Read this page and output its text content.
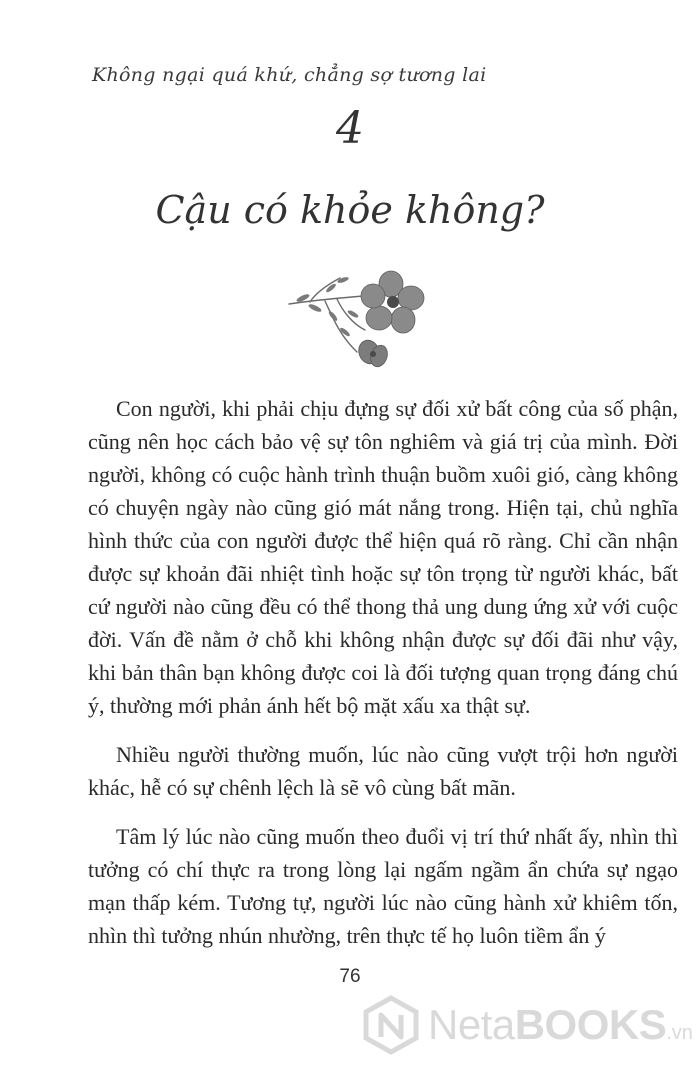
Không ngại quá khứ, chẳng sợ tương lai
4
Cậu có khỏe không?

Con người, khi phải chịu đựng sự đối xử bất công của số phận, cũng nên học cách bảo vệ sự tôn nghiêm và giá trị của mình. Đời người, không có cuộc hành trình thuận buồm xuôi gió, càng không có chuyện ngày nào cũng gió mát nắng trong. Hiện tại, chủ nghĩa hình thức của con người được thể hiện quá rõ ràng. Chỉ cần nhận được sự khoản đãi nhiệt tình hoặc sự tôn trọng từ người khác, bất cứ người nào cũng đều có thể thong thả ung dung ứng xử với cuộc đời. Vấn đề nằm ở chỗ khi không nhận được sự đối đãi như vậy, khi bản thân bạn không được coi là đối tượng quan trọng đáng chú ý, thường mới phản ánh hết bộ mặt xấu xa thật sự.

Nhiều người thường muốn, lúc nào cũng vượt trội hơn người khác, hễ có sự chênh lệch là sẽ vô cùng bất mãn.

Tâm lý lúc nào cũng muốn theo đuổi vị trí thứ nhất ấy, nhìn thì tưởng có chí thực ra trong lòng lại ngấm ngầm ẩn chứa sự ngạo mạn thấp kém. Tương tự, người lúc nào cũng hành xử khiêm tốn, nhìn thì tưởng nhún nhường, trên thực tế họ luôn tiềm ẩn ý

76
NetaBOOKS.vn
